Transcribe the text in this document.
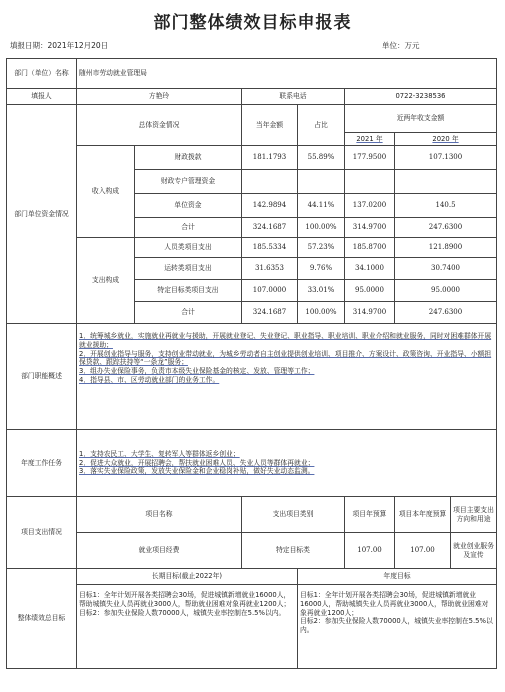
部门整体绩效目标申报表
填报日期：2021年12月20日	单位：万元
部门（单位）名称	随州市劳动就业管理局						
填报人	方艳玲		联系电话		0722-3238536		
部门单位资金情况	总体资金情况		当年金额	占比	近两年收支金额		
					2021 年	2020 年	
	收入构成	财政拨款	181.1793	55.89%	177.9500	107.1300	
		财政专户管理资金					
		单位资金	142.9894	44.11%	137.0200	140.5	
		合计	324.1687	100.00%	314.9700	247.6300	
	支出构成	人员类项目支出	185.5334	57.23%	185.8700	121.8900	
		运转类项目支出	31.6353	9.76%	34.1000	30.7400	
		特定目标类项目支出	107.0000	33.01%	95.0000	95.0000	
		合计	324.1687	100.00%	314.9700	247.6300	
部门职能概述	1．统筹城乡就业，实施就业再就业与援助，开展就业登记、失业登记、职业指导、职业培训、职业介绍和就业服务，同时对困难群体开展就业援助；
2．开展创业指导与服务，支持创业带动就业，为城乡劳动者自主创业提供创业培训、项目推介、方案设计、政策咨询、开业指导、小额担保贷款、跟踪扶持等“一条龙”服务；
3．组办失业保险事务，负责市本级失业保险基金的核定、发放、管理等工作；
4．指导县、市、区劳动就业部门的业务工作。						
年度工作任务	1．支持农民工、大学生、复转军人等群体返乡创业；
2．促进大众就业，开展招聘会，帮扶就业困难人员、失业人员等群体再就业；
3．落实失业保险政策，发放失业保险金和企业稳岗补贴，做好失业动态监测。						
项目支出情况	项目名称		支出项目类别		项目年预算	项目本年度预算	项目主要支出方向和用途
	就业项目经费		特定目标类		107.00	107.00	就业创业服务及宣传
整体绩效总目标	长期目标(截止2022年)			年度目标			
	目标1：全年计划开展各类招聘会30场，促进城镇新增就业16000人，帮助城镇失业人员再就业3000人，帮助就业困难对象再就业1200人；
目标2：参加失业保险人数70000人，城镇失业率控制在5.5%以内。			目标1：全年计划开展各类招聘会30场，促进城镇新增就业16000人，帮助城镇失业人员再就业3000人，帮助就业困难对象再就业1200人；
目标2：参加失业保险人数70000人，城镇失业率控制在5.5%以内。			
